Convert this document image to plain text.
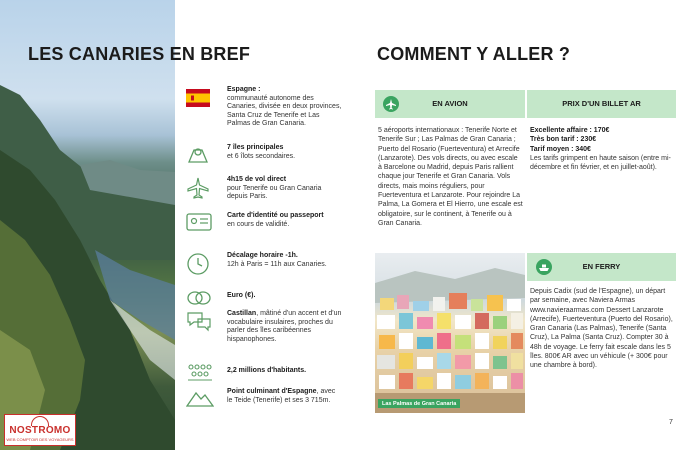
NOSTROMO
WEB COMPTOIR DES VOYAGEURS
LES CANARIES EN BREF	COMMENT Y ALLER ?
Espagne :
communauté autonome des Canaries, divisée en deux provinces, Santa Cruz de Tenerife et Las Palmas de Gran Canaria.
7 îles principales
et 6 îlots secondaires.
4h15 de vol direct
pour Tenerife ou Gran Canaria depuis Paris.
Carte d'identité ou passeport
en cours de validité.
Décalage horaire -1h.
12h à Paris = 11h aux Canaries.
Euro (€).
Castillan, mâtiné d'un accent et d'un vocabulaire insulaires, proches du parler des îles caribéennes hispanophones.
2,2 millions d'habitants.
Point culminant d'Espagne, avec le Teide (Tenerife) et ses 3 715m.
EN AVION
5 aéroports internationaux : Tenerife Norte et Tenerife Sur ; Las Palmas de Gran Canaria ; Puerto del Rosario (Fuerteventura) et Arrecife (Lanzarote). Des vols directs, ou avec escale à Barcelone ou Madrid, depuis Paris rallient chaque jour Tenerife et Gran Canaria. Vols directs, mais moins réguliers, pour Fuerteventura et Lanzarote. Pour rejoindre La Palma, La Gomera et El Hierro, une escale est obligatoire, sur le continent, à Tenerife ou à Gran Canaria.
PRIX D'UN BILLET AR
Excellente affaire : 170€
Très bon tarif : 230€
Tarif moyen : 340€
Les tarifs grimpent en haute saison (entre mi-décembre et fin février, et en juillet-août).
Las Palmas de Gran Canaria
EN FERRY
Depuis Cadix (sud de l'Espagne), un départ par semaine, avec Naviera Armas www.navieraarmas.com Dessert Lanzarote (Arrecife), Fuerteventura (Puerto del Rosario), Gran Canaria (Las Palmas), Tenerife (Santa Cruz), La Palma (Santa Cruz). Compter 30 à 48h de voyage. Le ferry fait escale dans les 5 îles. 800€ AR avec un véhicule (+ 300€ pour une chambre à bord).
7
